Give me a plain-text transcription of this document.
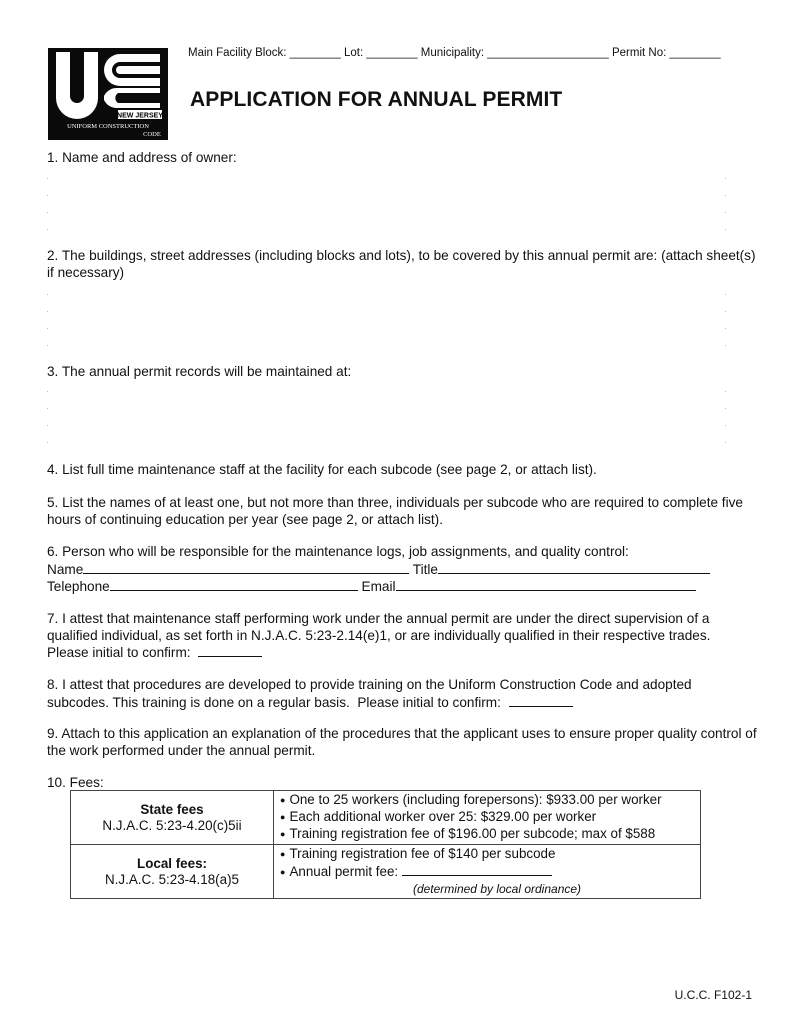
NEW JERSEY
UNIFORM CONSTRUCTION
CODE
Main Facility Block: ________ Lot: ________ Municipality: ___________________ Permit No: ________
APPLICATION FOR ANNUAL PERMIT
1. Name and address of owner:
2. The buildings, street addresses (including blocks and lots), to be covered by this annual permit are: (attach sheet(s) if necessary)
3. The annual permit records will be maintained at:
4. List full time maintenance staff at the facility for each subcode (see page 2, or attach list).
5. List the names of at least one, but not more than three, individuals per subcode who are required to complete five hours of continuing education per year (see page 2, or attach list).
6. Person who will be responsible for the maintenance logs, job assignments, and quality control:
Name	Title
Telephone	Email
7. I attest that maintenance staff performing work under the annual permit are under the direct supervision of a qualified individual, as set forth in N.J.A.C. 5:23-2.14(e)1, or are individually qualified in their respective trades.
Please initial to confirm:
8. I attest that procedures are developed to provide training on the Uniform Construction Code and adopted subcodes. This training is done on a regular basis. Please initial to confirm:
9. Attach to this application an explanation of the procedures that the applicant uses to ensure proper quality control of the work performed under the annual permit.
10. Fees:
State fees
N.J.A.C. 5:23-4.20(c)5ii

● One to 25 workers (including forepersons): $933.00 per worker
● Each additional worker over 25: $329.00 per worker
● Training registration fee of $196.00 per subcode; max of $588

Local fees:
N.J.A.C. 5:23-4.18(a)5

● Training registration fee of $140 per subcode
● Annual permit fee:
(determined by local ordinance)
U.C.C. F102-1
